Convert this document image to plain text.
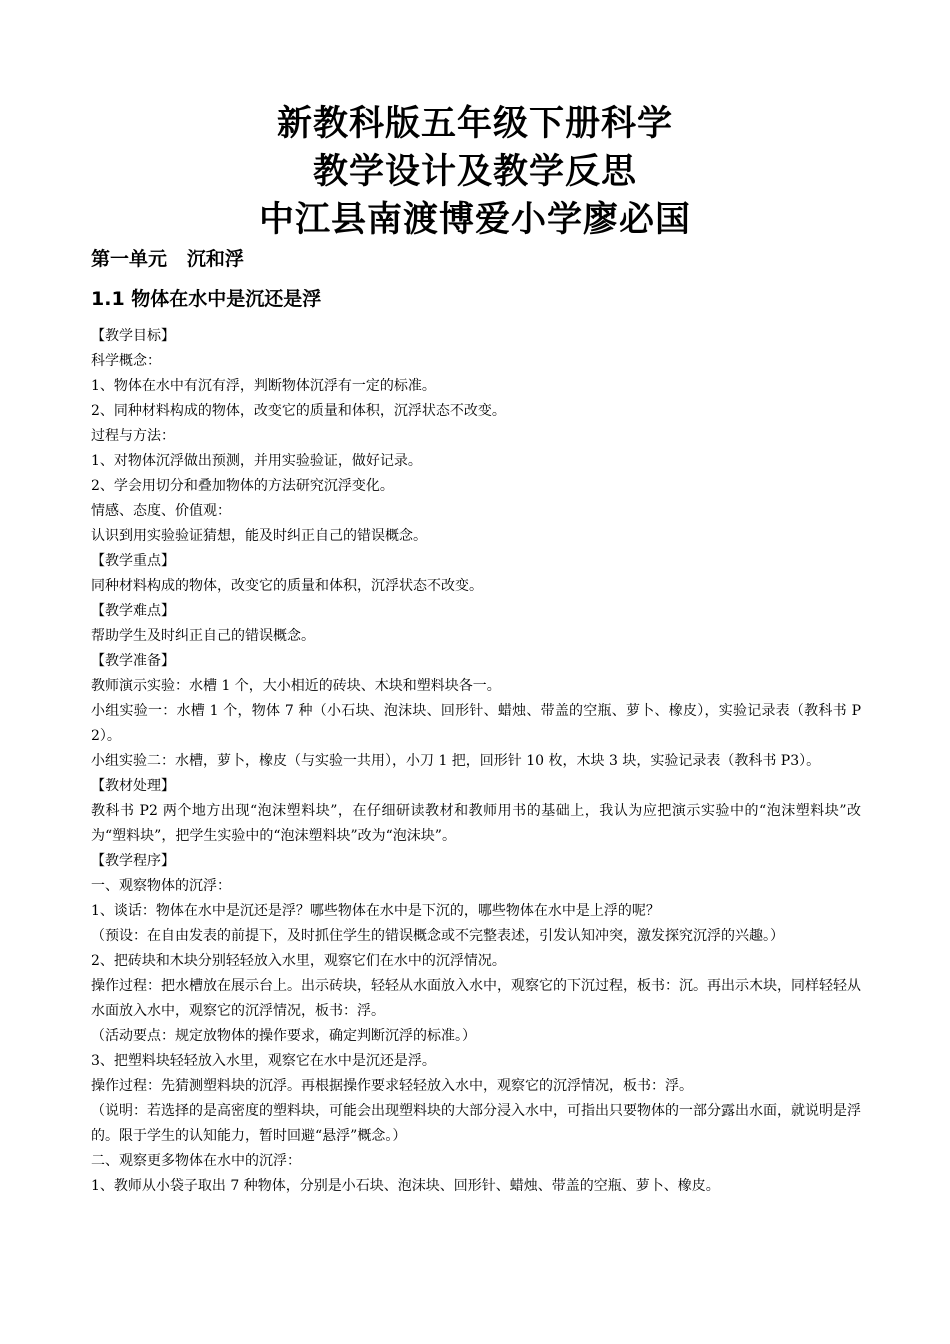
新教科版五年级下册科学
教学设计及教学反思
中江县南渡博爱小学廖必国
第一单元   沉和浮
1.1 物体在水中是沉还是浮

【教学目标】

科学概念：

1、物体在水中有沉有浮，判断物体沉浮有一定的标准。

2、同种材料构成的物体，改变它的质量和体积，沉浮状态不改变。

过程与方法：

1、对物体沉浮做出预测，并用实验验证，做好记录。

2、学会用切分和叠加物体的方法研究沉浮变化。

情感、态度、价值观：

认识到用实验验证猜想，能及时纠正自己的错误概念。

【教学重点】

同种材料构成的物体，改变它的质量和体积，沉浮状态不改变。

【教学难点】

帮助学生及时纠正自己的错误概念。

【教学准备】

教师演示实验：水槽 1 个，大小相近的砖块、木块和塑料块各一。

小组实验一：水槽 1 个，物体 7 种（小石块、泡沫块、回形针、蜡烛、带盖的空瓶、萝卜、橡皮），实验记录表（教科书 P2）。

小组实验二：水槽，萝卜，橡皮（与实验一共用），小刀 1 把，回形针 10 枚，木块 3 块，实验记录表（教科书 P3）。

【教材处理】

教科书 P2 两个地方出现“泡沫塑料块”，在仔细研读教材和教师用书的基础上，我认为应把演示实验中的“泡沫塑料块”改为“塑料块”，把学生实验中的“泡沫塑料块”改为“泡沫块”。

【教学程序】

一、观察物体的沉浮：

1、谈话：物体在水中是沉还是浮？哪些物体在水中是下沉的，哪些物体在水中是上浮的呢？

（预设：在自由发表的前提下，及时抓住学生的错误概念或不完整表述，引发认知冲突，激发探究沉浮的兴趣。）

2、把砖块和木块分别轻轻放入水里，观察它们在水中的沉浮情况。

操作过程：把水槽放在展示台上。出示砖块，轻轻从水面放入水中，观察它的下沉过程，板书：沉。再出示木块，同样轻轻从水面放入水中，观察它的沉浮情况，板书：浮。

（活动要点：规定放物体的操作要求，确定判断沉浮的标准。）

3、把塑料块轻轻放入水里，观察它在水中是沉还是浮。

操作过程：先猜测塑料块的沉浮。再根据操作要求轻轻放入水中，观察它的沉浮情况，板书：浮。

（说明：若选择的是高密度的塑料块，可能会出现塑料块的大部分浸入水中，可指出只要物体的一部分露出水面，就说明是浮的。限于学生的认知能力，暂时回避“悬浮”概念。）

二、观察更多物体在水中的沉浮：

1、教师从小袋子取出 7 种物体，分别是小石块、泡沫块、回形针、蜡烛、带盖的空瓶、萝卜、橡皮。
